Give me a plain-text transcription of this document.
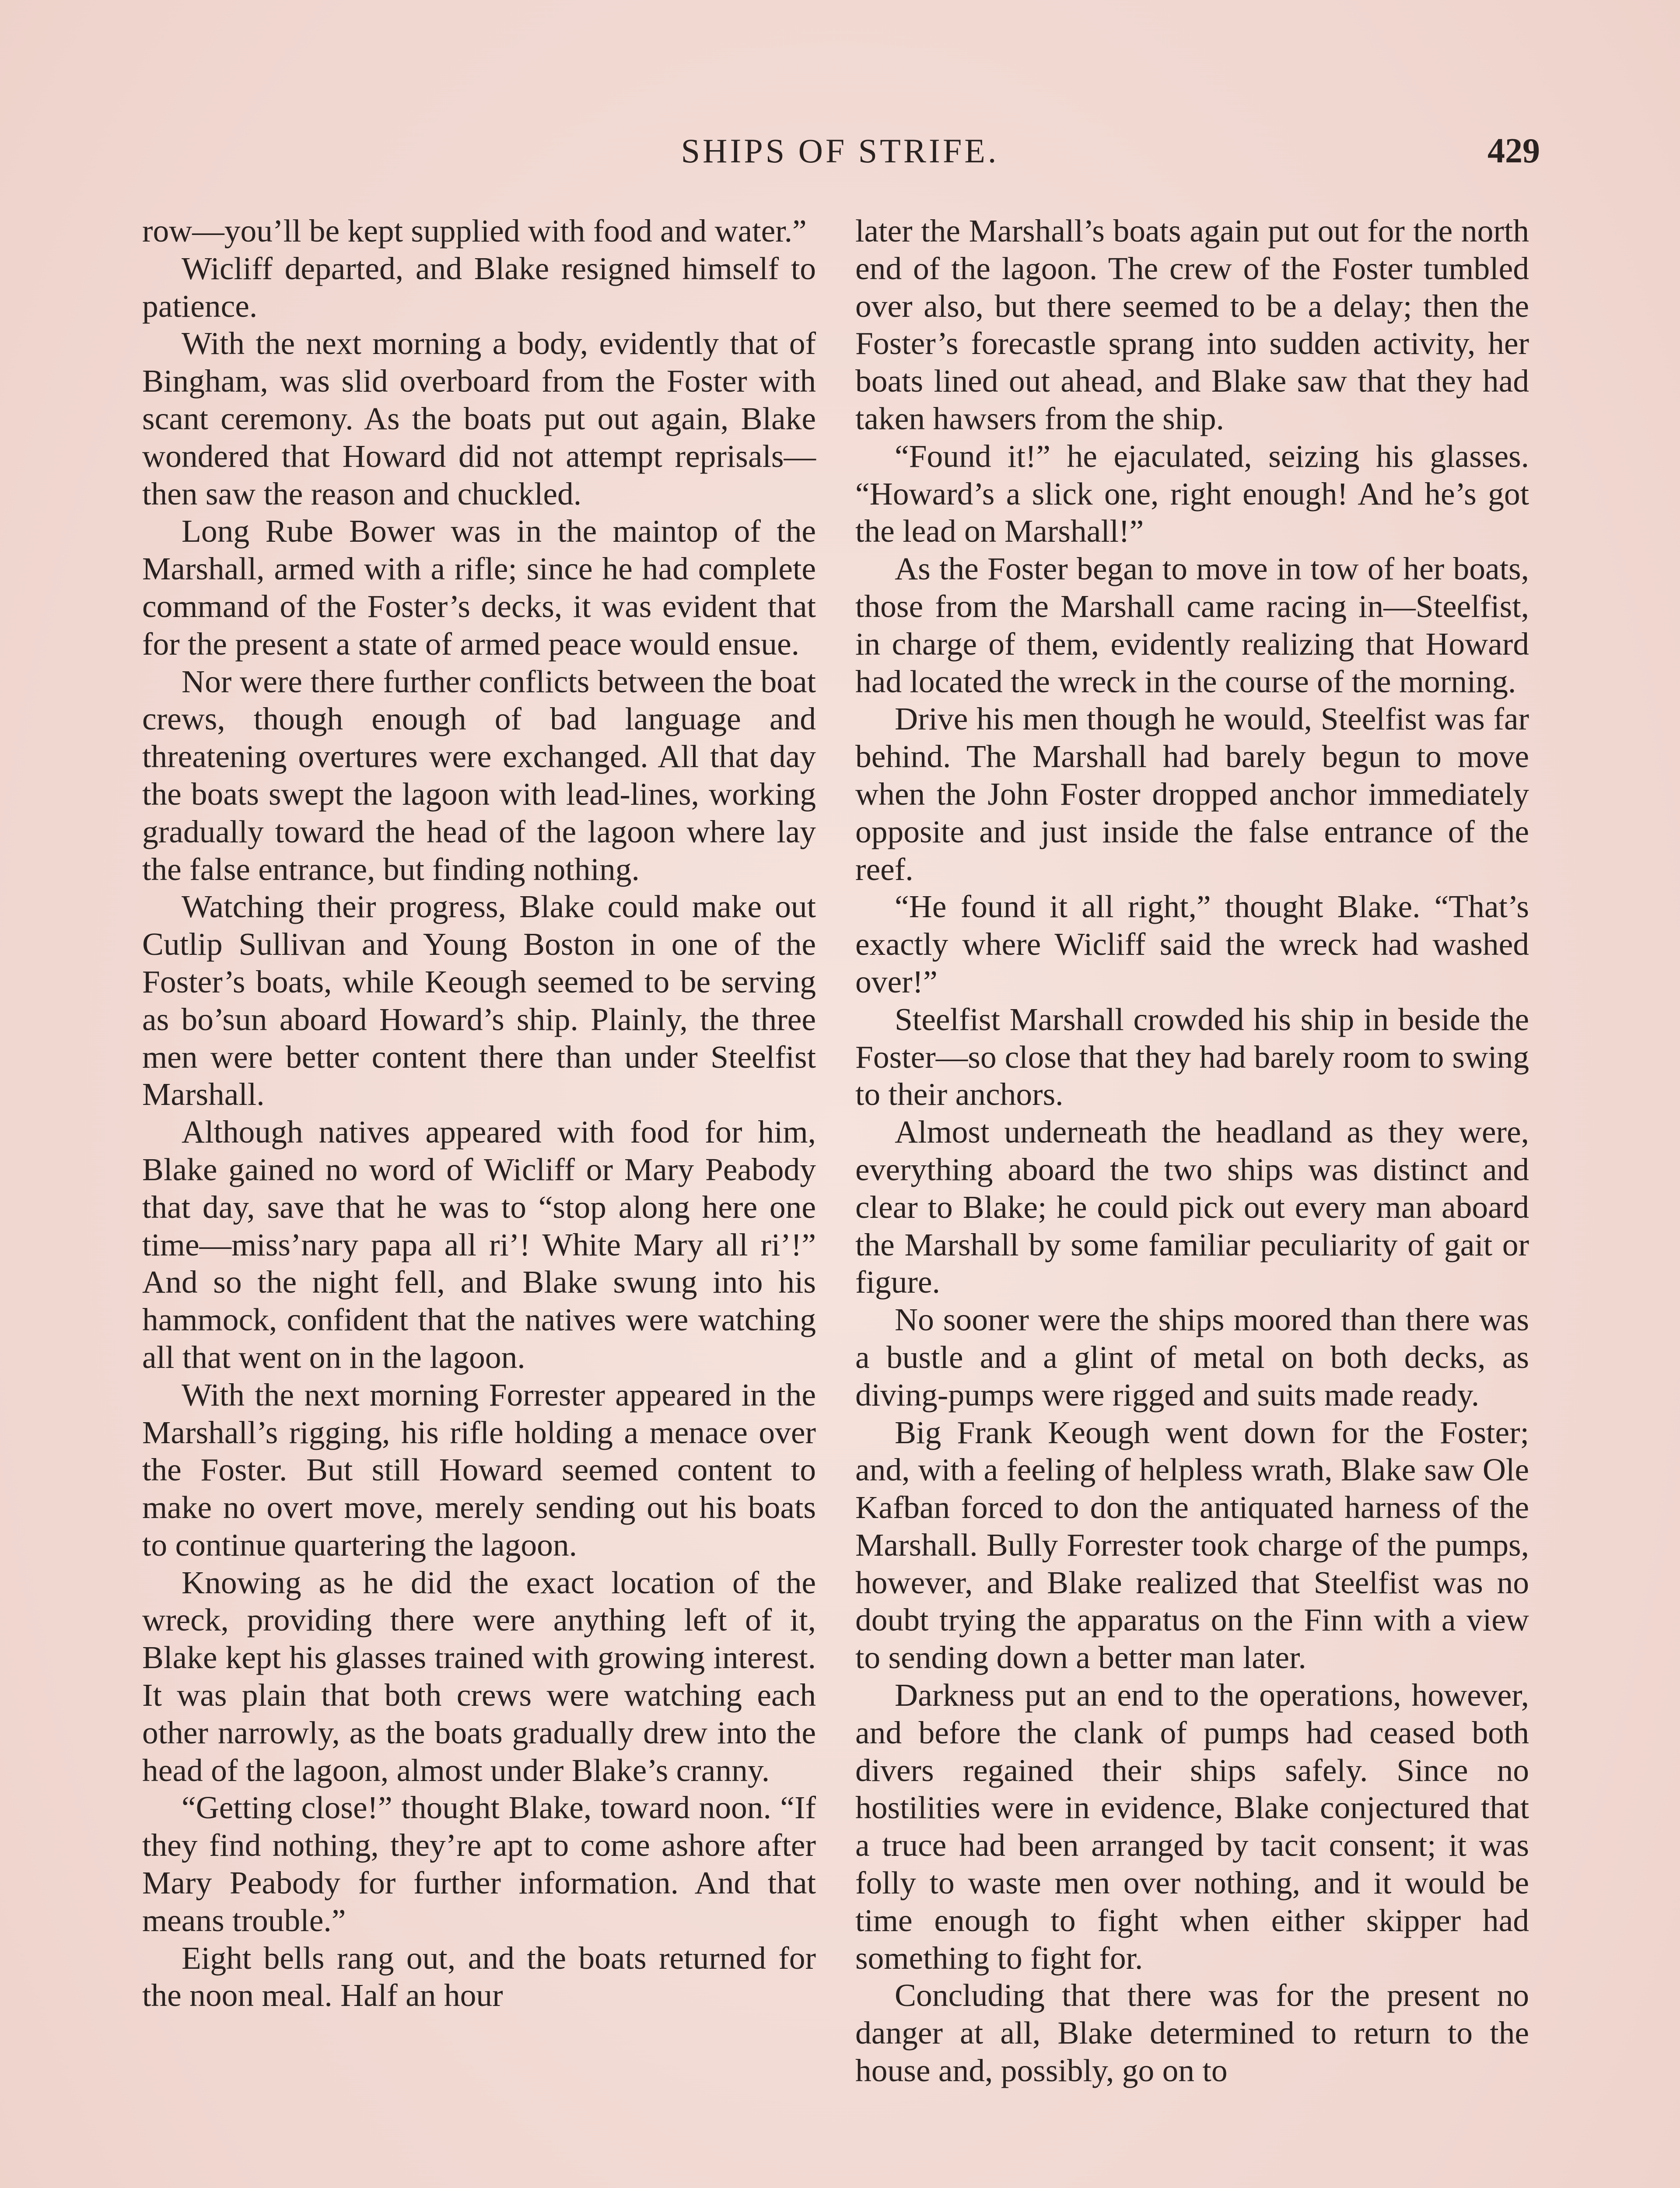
SHIPS OF STRIFE.	429

row—you’ll be kept supplied with food and water.”

Wicliff departed, and Blake resigned himself to patience.

With the next morning a body, evidently that of Bingham, was slid overboard from the Foster with scant ceremony. As the boats put out again, Blake wondered that Howard did not attempt reprisals—then saw the reason and chuckled.

Long Rube Bower was in the maintop of the Marshall, armed with a rifle; since he had complete command of the Foster’s decks, it was evident that for the present a state of armed peace would ensue.

Nor were there further conflicts between the boat crews, though enough of bad language and threatening overtures were exchanged. All that day the boats swept the lagoon with lead-lines, working gradually toward the head of the lagoon where lay the false entrance, but finding nothing.

Watching their progress, Blake could make out Cutlip Sullivan and Young Boston in one of the Foster’s boats, while Keough seemed to be serving as bo’sun aboard Howard’s ship. Plainly, the three men were better content there than under Steelfist Marshall.

Although natives appeared with food for him, Blake gained no word of Wicliff or Mary Peabody that day, save that he was to “stop along here one time—miss’nary papa all ri’! White Mary all ri’!” And so the night fell, and Blake swung into his hammock, confident that the natives were watching all that went on in the lagoon.

With the next morning Forrester appeared in the Marshall’s rigging, his rifle holding a menace over the Foster. But still Howard seemed content to make no overt move, merely sending out his boats to continue quartering the lagoon.

Knowing as he did the exact location of the wreck, providing there were anything left of it, Blake kept his glasses trained with growing interest. It was plain that both crews were watching each other narrowly, as the boats gradually drew into the head of the lagoon, almost under Blake’s cranny.

“Getting close!” thought Blake, toward noon. “If they find nothing, they’re apt to come ashore after Mary Peabody for further information. And that means trouble.”

Eight bells rang out, and the boats returned for the noon meal. Half an hour

later the Marshall’s boats again put out for the north end of the lagoon. The crew of the Foster tumbled over also, but there seemed to be a delay; then the Foster’s forecastle sprang into sudden activity, her boats lined out ahead, and Blake saw that they had taken hawsers from the ship.

“Found it!” he ejaculated, seizing his glasses. “Howard’s a slick one, right enough! And he’s got the lead on Marshall!”

As the Foster began to move in tow of her boats, those from the Marshall came racing in—Steelfist, in charge of them, evidently realizing that Howard had located the wreck in the course of the morning.

Drive his men though he would, Steelfist was far behind. The Marshall had barely begun to move when the John Foster dropped anchor immediately opposite and just inside the false entrance of the reef.

“He found it all right,” thought Blake. “That’s exactly where Wicliff said the wreck had washed over!”

Steelfist Marshall crowded his ship in beside the Foster—so close that they had barely room to swing to their anchors.

Almost underneath the headland as they were, everything aboard the two ships was distinct and clear to Blake; he could pick out every man aboard the Marshall by some familiar peculiarity of gait or figure.

No sooner were the ships moored than there was a bustle and a glint of metal on both decks, as diving-pumps were rigged and suits made ready.

Big Frank Keough went down for the Foster; and, with a feeling of helpless wrath, Blake saw Ole Kafban forced to don the antiquated harness of the Marshall. Bully Forrester took charge of the pumps, however, and Blake realized that Steelfist was no doubt trying the apparatus on the Finn with a view to sending down a better man later.

Darkness put an end to the operations, however, and before the clank of pumps had ceased both divers regained their ships safely. Since no hostilities were in evidence, Blake conjectured that a truce had been arranged by tacit consent; it was folly to waste men over nothing, and it would be time enough to fight when either skipper had something to fight for.

Concluding that there was for the present no danger at all, Blake determined to return to the house and, possibly, go on to
